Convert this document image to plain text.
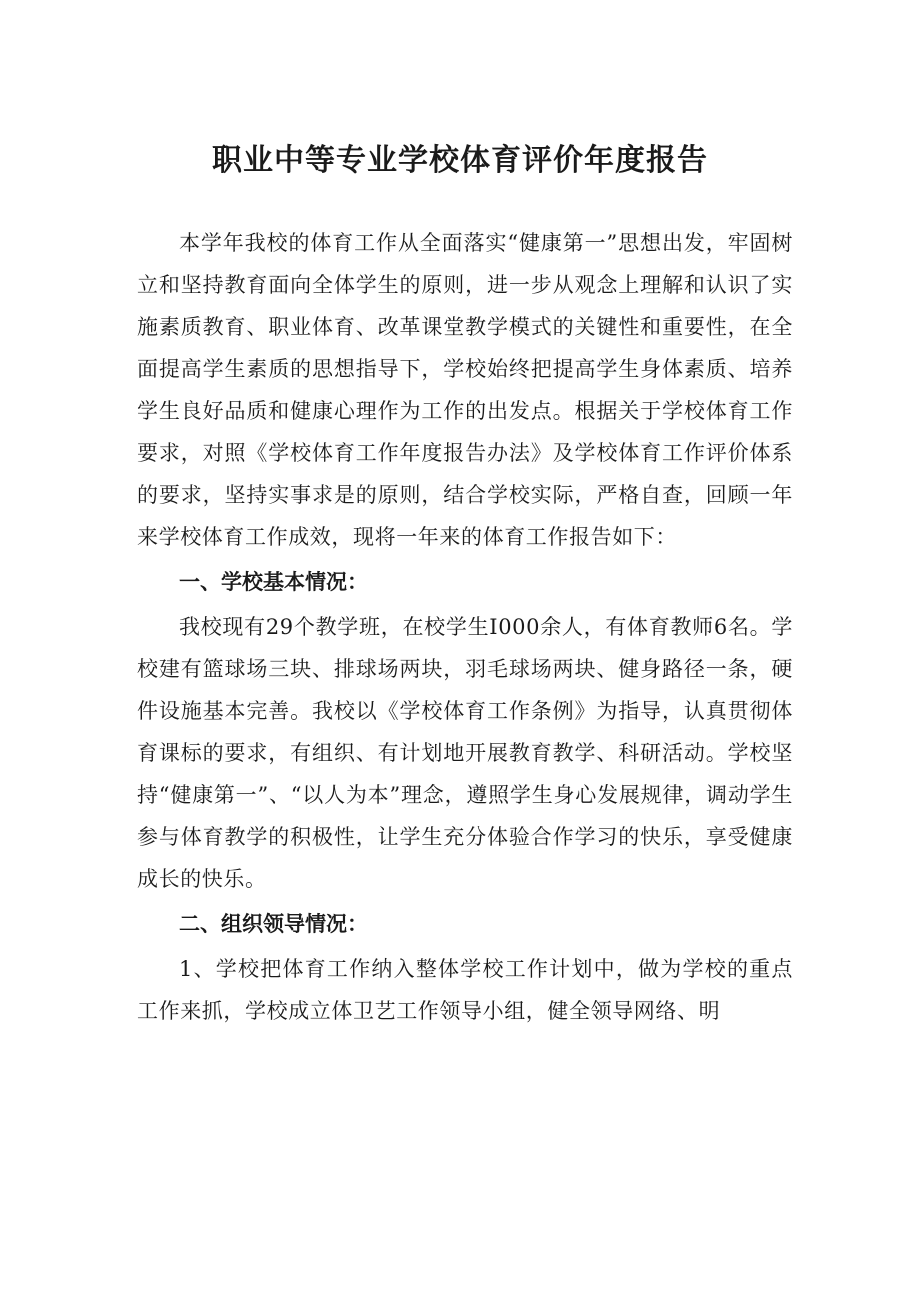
职业中等专业学校体育评价年度报告

本学年我校的体育工作从全面落实“健康第一”思想出发，牢固树立和坚持教育面向全体学生的原则，进一步从观念上理解和认识了实施素质教育、职业体育、改革课堂教学模式的关键性和重要性，在全面提高学生素质的思想指导下，学校始终把提高学生身体素质、培养学生良好品质和健康心理作为工作的出发点。根据关于学校体育工作要求，对照《学校体育工作年度报告办法》及学校体育工作评价体系的要求，坚持实事求是的原则，结合学校实际，严格自查，回顾一年来学校体育工作成效，现将一年来的体育工作报告如下：

一、学校基本情况：

我校现有29个教学班，在校学生I000余人，有体育教师6名。学校建有篮球场三块、排球场两块，羽毛球场两块、健身路径一条，硬件设施基本完善。我校以《学校体育工作条例》为指导，认真贯彻体育课标的要求，有组织、有计划地开展教育教学、科研活动。学校坚持“健康第一”、“以人为本”理念，遵照学生身心发展规律，调动学生参与体育教学的积极性，让学生充分体验合作学习的快乐，享受健康成长的快乐。

二、组织领导情况：

1、学校把体育工作纳入整体学校工作计划中，做为学校的重点工作来抓，学校成立体卫艺工作领导小组，健全领导网络、明
